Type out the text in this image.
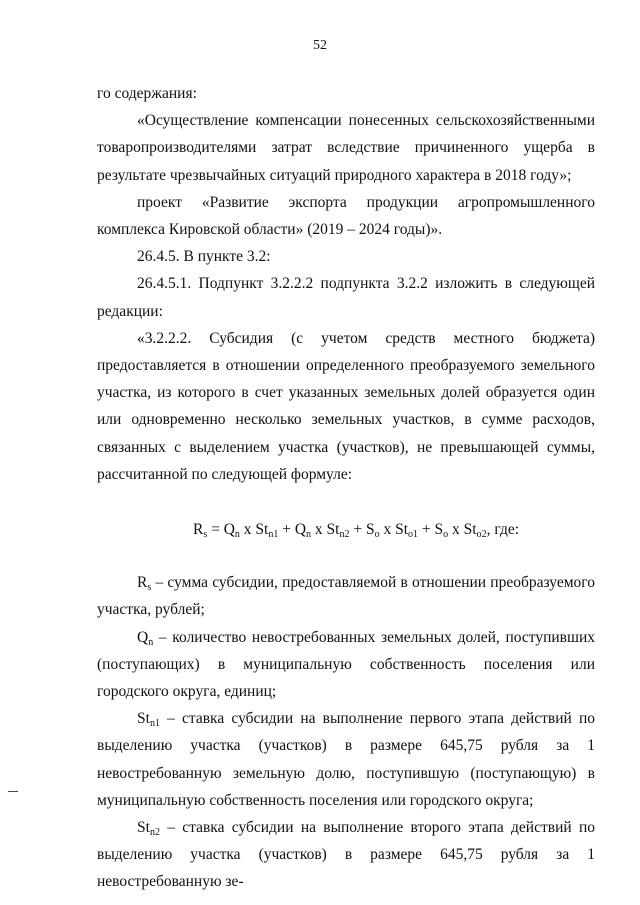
52

го содержания:

«Осуществление компенсации понесенных сельскохозяйственными товаропроизводителями затрат вследствие причиненного ущерба в результате чрезвычайных ситуаций природного характера в 2018 году»;

проект «Развитие экспорта продукции агропромышленного комплекса Кировской области» (2019 – 2024 годы)».

26.4.5. В пункте 3.2:

26.4.5.1. Подпункт 3.2.2.2 подпункта 3.2.2 изложить в следующей редакции:

«3.2.2.2. Субсидия (с учетом средств местного бюджета) предоставляется в отношении определенного преобразуемого земельного участка, из которого в счет указанных земельных долей образуется один или одновременно несколько земельных участков, в сумме расходов, связанных с выделением участка (участков), не превышающей суммы, рассчитанной по следующей формуле:

$R_s = Q_n$ x $St_{n1} + Q_n$ x $St_{n2} + S_o$ x $St_{o1} + S_o$ x $St_{o2}$, где:

$R_s$ – сумма субсидии, предоставляемой в отношении преобразуемого участка, рублей;

$Q_n$ – количество невостребованных земельных долей, поступивших (поступающих) в муниципальную собственность поселения или городского округа, единиц;

$St_{n1}$ – ставка субсидии на выполнение первого этапа действий по выделению участка (участков) в размере 645,75 рубля за 1 невостребованную земельную долю, поступившую (поступающую) в муниципальную собственность поселения или городского округа;

$St_{n2}$ – ставка субсидии на выполнение второго этапа действий по выделению участка (участков) в размере 645,75 рубля за 1 невостребованную зе-
